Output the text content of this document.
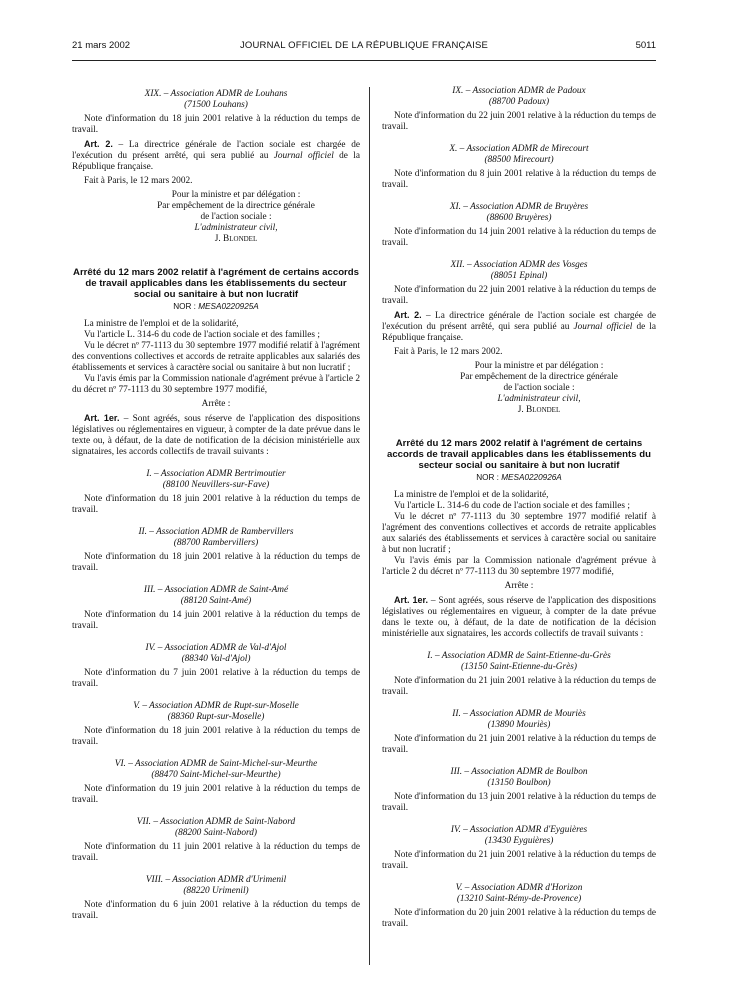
21 mars 2002	JOURNAL OFFICIEL DE LA RÉPUBLIQUE FRANÇAISE	5011

XIX. – Association ADMR de Louhans

(71500 Louhans)

Note d'information du 18 juin 2001 relative à la réduction du temps de travail.

Art. 2. – La directrice générale de l'action sociale est chargée de l'exécution du présent arrêté, qui sera publié au Journal officiel de la République française.

Fait à Paris, le 12 mars 2002.

Pour la ministre et par délégation :

Par empêchement de la directrice générale

de l'action sociale :

L'administrateur civil,

J. Blondel

Arrêté du 12 mars 2002 relatif à l'agrément de certains accords de travail applicables dans les établissements du secteur social ou sanitaire à but non lucratif

NOR : MESA0220925A

La ministre de l'emploi et de la solidarité,

Vu l'article L. 314-6 du code de l'action sociale et des familles ;

Vu le décret nº 77-1113 du 30 septembre 1977 modifié relatif à l'agrément des conventions collectives et accords de retraite applicables aux salariés des établissements et services à caractère social ou sanitaire à but non lucratif ;

Vu l'avis émis par la Commission nationale d'agrément prévue à l'article 2 du décret nº 77-1113 du 30 septembre 1977 modifié,

Arrête :

Art. 1er. – Sont agréés, sous réserve de l'application des dispositions législatives ou réglementaires en vigueur, à compter de la date prévue dans le texte ou, à défaut, de la date de notification de la décision ministérielle aux signataires, les accords collectifs de travail suivants :

I. – Association ADMR Bertrimoutier

(88100 Neuvillers-sur-Fave)

Note d'information du 18 juin 2001 relative à la réduction du temps de travail.

II. – Association ADMR de Rambervillers

(88700 Rambervillers)

Note d'information du 18 juin 2001 relative à la réduction du temps de travail.

III. – Association ADMR de Saint-Amé

(88120 Saint-Amé)

Note d'information du 14 juin 2001 relative à la réduction du temps de travail.

IV. – Association ADMR de Val-d'Ajol

(88340 Val-d'Ajol)

Note d'information du 7 juin 2001 relative à la réduction du temps de travail.

V. – Association ADMR de Rupt-sur-Moselle

(88360 Rupt-sur-Moselle)

Note d'information du 18 juin 2001 relative à la réduction du temps de travail.

VI. – Association ADMR de Saint-Michel-sur-Meurthe

(88470 Saint-Michel-sur-Meurthe)

Note d'information du 19 juin 2001 relative à la réduction du temps de travail.

VII. – Association ADMR de Saint-Nabord

(88200 Saint-Nabord)

Note d'information du 11 juin 2001 relative à la réduction du temps de travail.

VIII. – Association ADMR d'Urimenil

(88220 Urimenil)

Note d'information du 6 juin 2001 relative à la réduction du temps de travail.

IX. – Association ADMR de Padoux

(88700 Padoux)

Note d'information du 22 juin 2001 relative à la réduction du temps de travail.

X. – Association ADMR de Mirecourt

(88500 Mirecourt)

Note d'information du 8 juin 2001 relative à la réduction du temps de travail.

XI. – Association ADMR de Bruyères

(88600 Bruyères)

Note d'information du 14 juin 2001 relative à la réduction du temps de travail.

XII. – Association ADMR des Vosges

(88051 Epinal)

Note d'information du 22 juin 2001 relative à la réduction du temps de travail.

Art. 2. – La directrice générale de l'action sociale est chargée de l'exécution du présent arrêté, qui sera publié au Journal officiel de la République française.

Fait à Paris, le 12 mars 2002.

Pour la ministre et par délégation :

Par empêchement de la directrice générale

de l'action sociale :

L'administrateur civil,

J. Blondel

Arrêté du 12 mars 2002 relatif à l'agrément de certains accords de travail applicables dans les établissements du secteur social ou sanitaire à but non lucratif

NOR : MESA0220926A

La ministre de l'emploi et de la solidarité,

Vu l'article L. 314-6 du code de l'action sociale et des familles ;

Vu le décret nº 77-1113 du 30 septembre 1977 modifié relatif à l'agrément des conventions collectives et accords de retraite applicables aux salariés des établissements et services à caractère social ou sanitaire à but non lucratif ;

Vu l'avis émis par la Commission nationale d'agrément prévue à l'article 2 du décret nº 77-1113 du 30 septembre 1977 modifié,

Arrête :

Art. 1er. – Sont agréés, sous réserve de l'application des dispositions législatives ou réglementaires en vigueur, à compter de la date prévue dans le texte ou, à défaut, de la date de notification de la décision ministérielle aux signataires, les accords collectifs de travail suivants :

I. – Association ADMR de Saint-Etienne-du-Grès

(13150 Saint-Etienne-du-Grès)

Note d'information du 21 juin 2001 relative à la réduction du temps de travail.

II. – Association ADMR de Mouriès

(13890 Mouriès)

Note d'information du 21 juin 2001 relative à la réduction du temps de travail.

III. – Association ADMR de Boulbon

(13150 Boulbon)

Note d'information du 13 juin 2001 relative à la réduction du temps de travail.

IV. – Association ADMR d'Eyguières

(13430 Eyguières)

Note d'information du 21 juin 2001 relative à la réduction du temps de travail.

V. – Association ADMR d'Horizon

(13210 Saint-Rémy-de-Provence)

Note d'information du 20 juin 2001 relative à la réduction du temps de travail.
